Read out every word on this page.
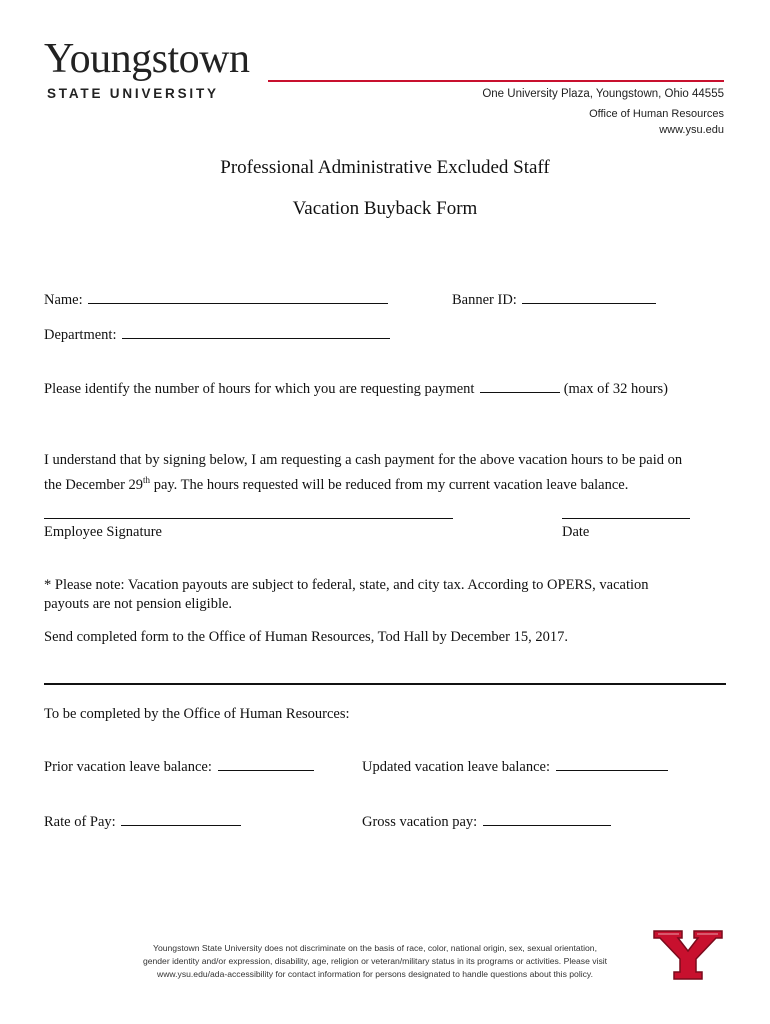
Youngstown
STATE UNIVERSITY	One University Plaza, Youngstown, Ohio 44555
Office of Human Resources
www.ysu.edu
Professional Administrative Excluded Staff
Vacation Buyback Form
Name:	Banner ID:
Department:
Please identify the number of hours for which you are requesting payment	(max of 32 hours)
I understand that by signing below, I am requesting a cash payment for the above vacation hours to be paid on
the December 29th pay. The hours requested will be reduced from my current vacation leave balance.
Employee Signature	Date
* Please note: Vacation payouts are subject to federal, state, and city tax. According to OPERS, vacation
payouts are not pension eligible.
Send completed form to the Office of Human Resources, Tod Hall by December 15, 2017.
To be completed by the Office of Human Resources:
Prior vacation leave balance:	Updated vacation leave balance:
Rate of Pay:	Gross vacation pay:
Youngstown State University does not discriminate on the basis of race, color, national origin, sex, sexual orientation,
gender identity and/or expression, disability, age, religion or veteran/military status in its programs or activities. Please visit
www.ysu.edu/ada-accessibility for contact information for persons designated to handle questions about this policy.
